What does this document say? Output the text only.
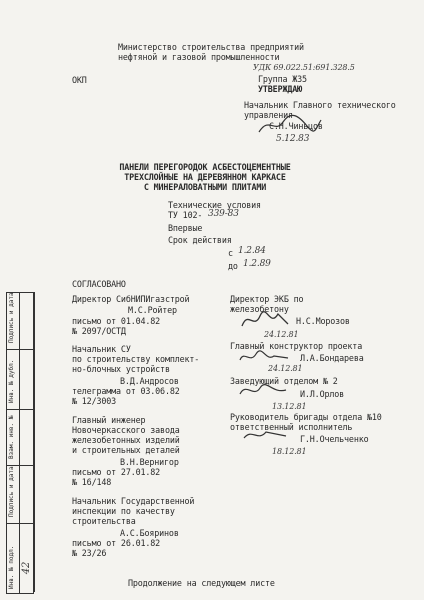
Министерство строительства предприятий
нефтяной и газовой промышленности
УДК 69.022.51:691.328.5
ОКП	Группа Ж35
УТВЕРЖДАЮ
Начальник Главного технического
управления
С.Н.Чиньцов
5.12.83
ПАНЕЛИ ПЕРЕГОРОДОК АСБЕСТОЦЕМЕНТНЫЕ
ТРЕХСЛОЙНЫЕ НА ДЕРЕВЯННОМ КАРКАСЕ
С МИНЕРАЛОВАТНЫМИ ПЛИТАМИ
Технические условия
ТУ 102- 339-83
Впервые
Срок действия
с 1.2.84
до 1.2.89
СОГЛАСОВАНО
Подпись и дата
Инв. № дубл.
Взам. инв. №
Подпись и дата
Инв. № подл. 42
Директор СибНИПИгазстрой
М.С.Ройтер
письмо от 01.04.82
№ 2097/ОСТД
Начальник СУ
по строительству комплект-
но-блочных устройств
В.Д.Андросов
телеграмма от 03.06.82
№ 12/3003
Главный инженер
Новочеркасского завода
железобетонных изделий
и строительных деталей
В.Н.Вернигор
письмо от 27.01.82
№ 16/148
Начальник Государственной
инспекции по качеству
строительства
А.С.Бояринов
письмо от 26.01.82
№ 23/26
Директор ЭКБ по
железобетону
Н.С.Морозов
24.12.81
Главный конструктор проекта
Л.А.Бондарева
24.12.81
Заведующий отделом № 2
И.Л.Орлов
13.12.81
Руководитель бригады отдела №10
ответственный исполнитель
Г.Н.Очельченко
18.12.81
Продолжение на следующем листе
